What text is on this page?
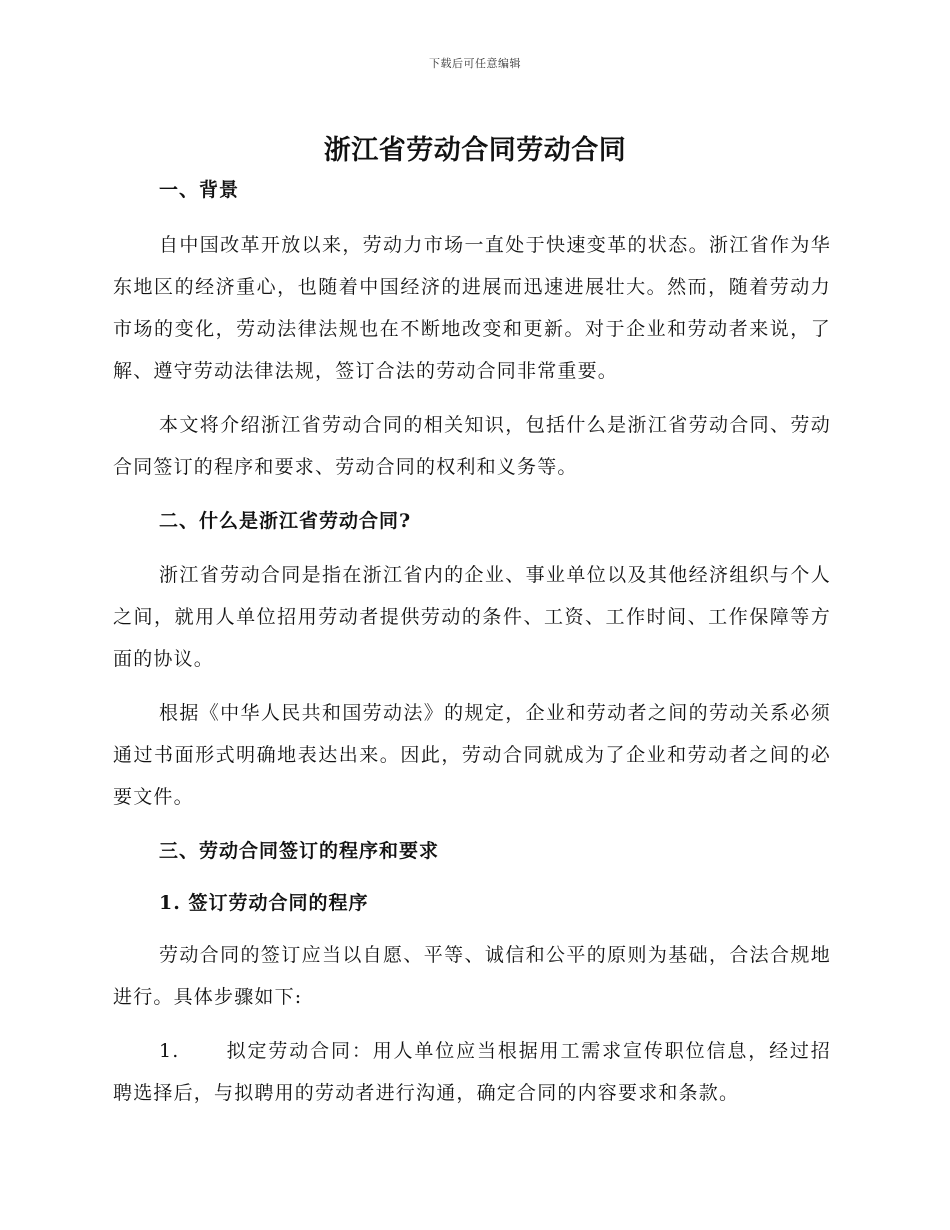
下载后可任意编辑
浙江省劳动合同劳动合同

一、背景

自中国改革开放以来，劳动力市场一直处于快速变革的状态。浙江省作为华东地区的经济重心，也随着中国经济的进展而迅速进展壮大。然而，随着劳动力市场的变化，劳动法律法规也在不断地改变和更新。对于企业和劳动者来说，了解、遵守劳动法律法规，签订合法的劳动合同非常重要。

本文将介绍浙江省劳动合同的相关知识，包括什么是浙江省劳动合同、劳动合同签订的程序和要求、劳动合同的权利和义务等。

二、什么是浙江省劳动合同?

浙江省劳动合同是指在浙江省内的企业、事业单位以及其他经济组织与个人之间，就用人单位招用劳动者提供劳动的条件、工资、工作时间、工作保障等方面的协议。

根据《中华人民共和国劳动法》的规定，企业和劳动者之间的劳动关系必须通过书面形式明确地表达出来。因此，劳动合同就成为了企业和劳动者之间的必要文件。

三、劳动合同签订的程序和要求

1. 签订劳动合同的程序

劳动合同的签订应当以自愿、平等、诚信和公平的原则为基础，合法合规地进行。具体步骤如下:

1. 拟定劳动合同：用人单位应当根据用工需求宣传职位信息，经过招聘选择后，与拟聘用的劳动者进行沟通，确定合同的内容要求和条款。
